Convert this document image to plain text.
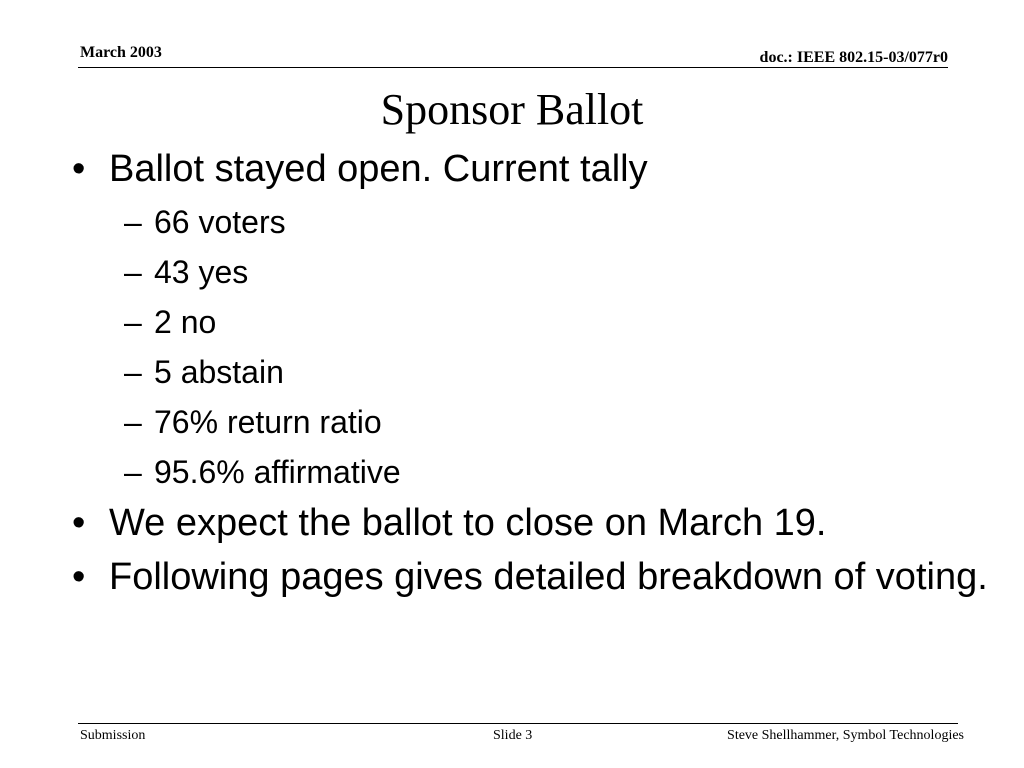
March 2003	doc.: IEEE 802.15-03/077r0
Sponsor Ballot
• Ballot stayed open. Current tally
– 66 voters
– 43 yes
– 2 no
– 5 abstain
– 76% return ratio
– 95.6% affirmative
• We expect the ballot to close on March 19.
• Following pages gives detailed breakdown of voting.
Submission	Slide 3	Steve Shellhammer, Symbol Technologies
